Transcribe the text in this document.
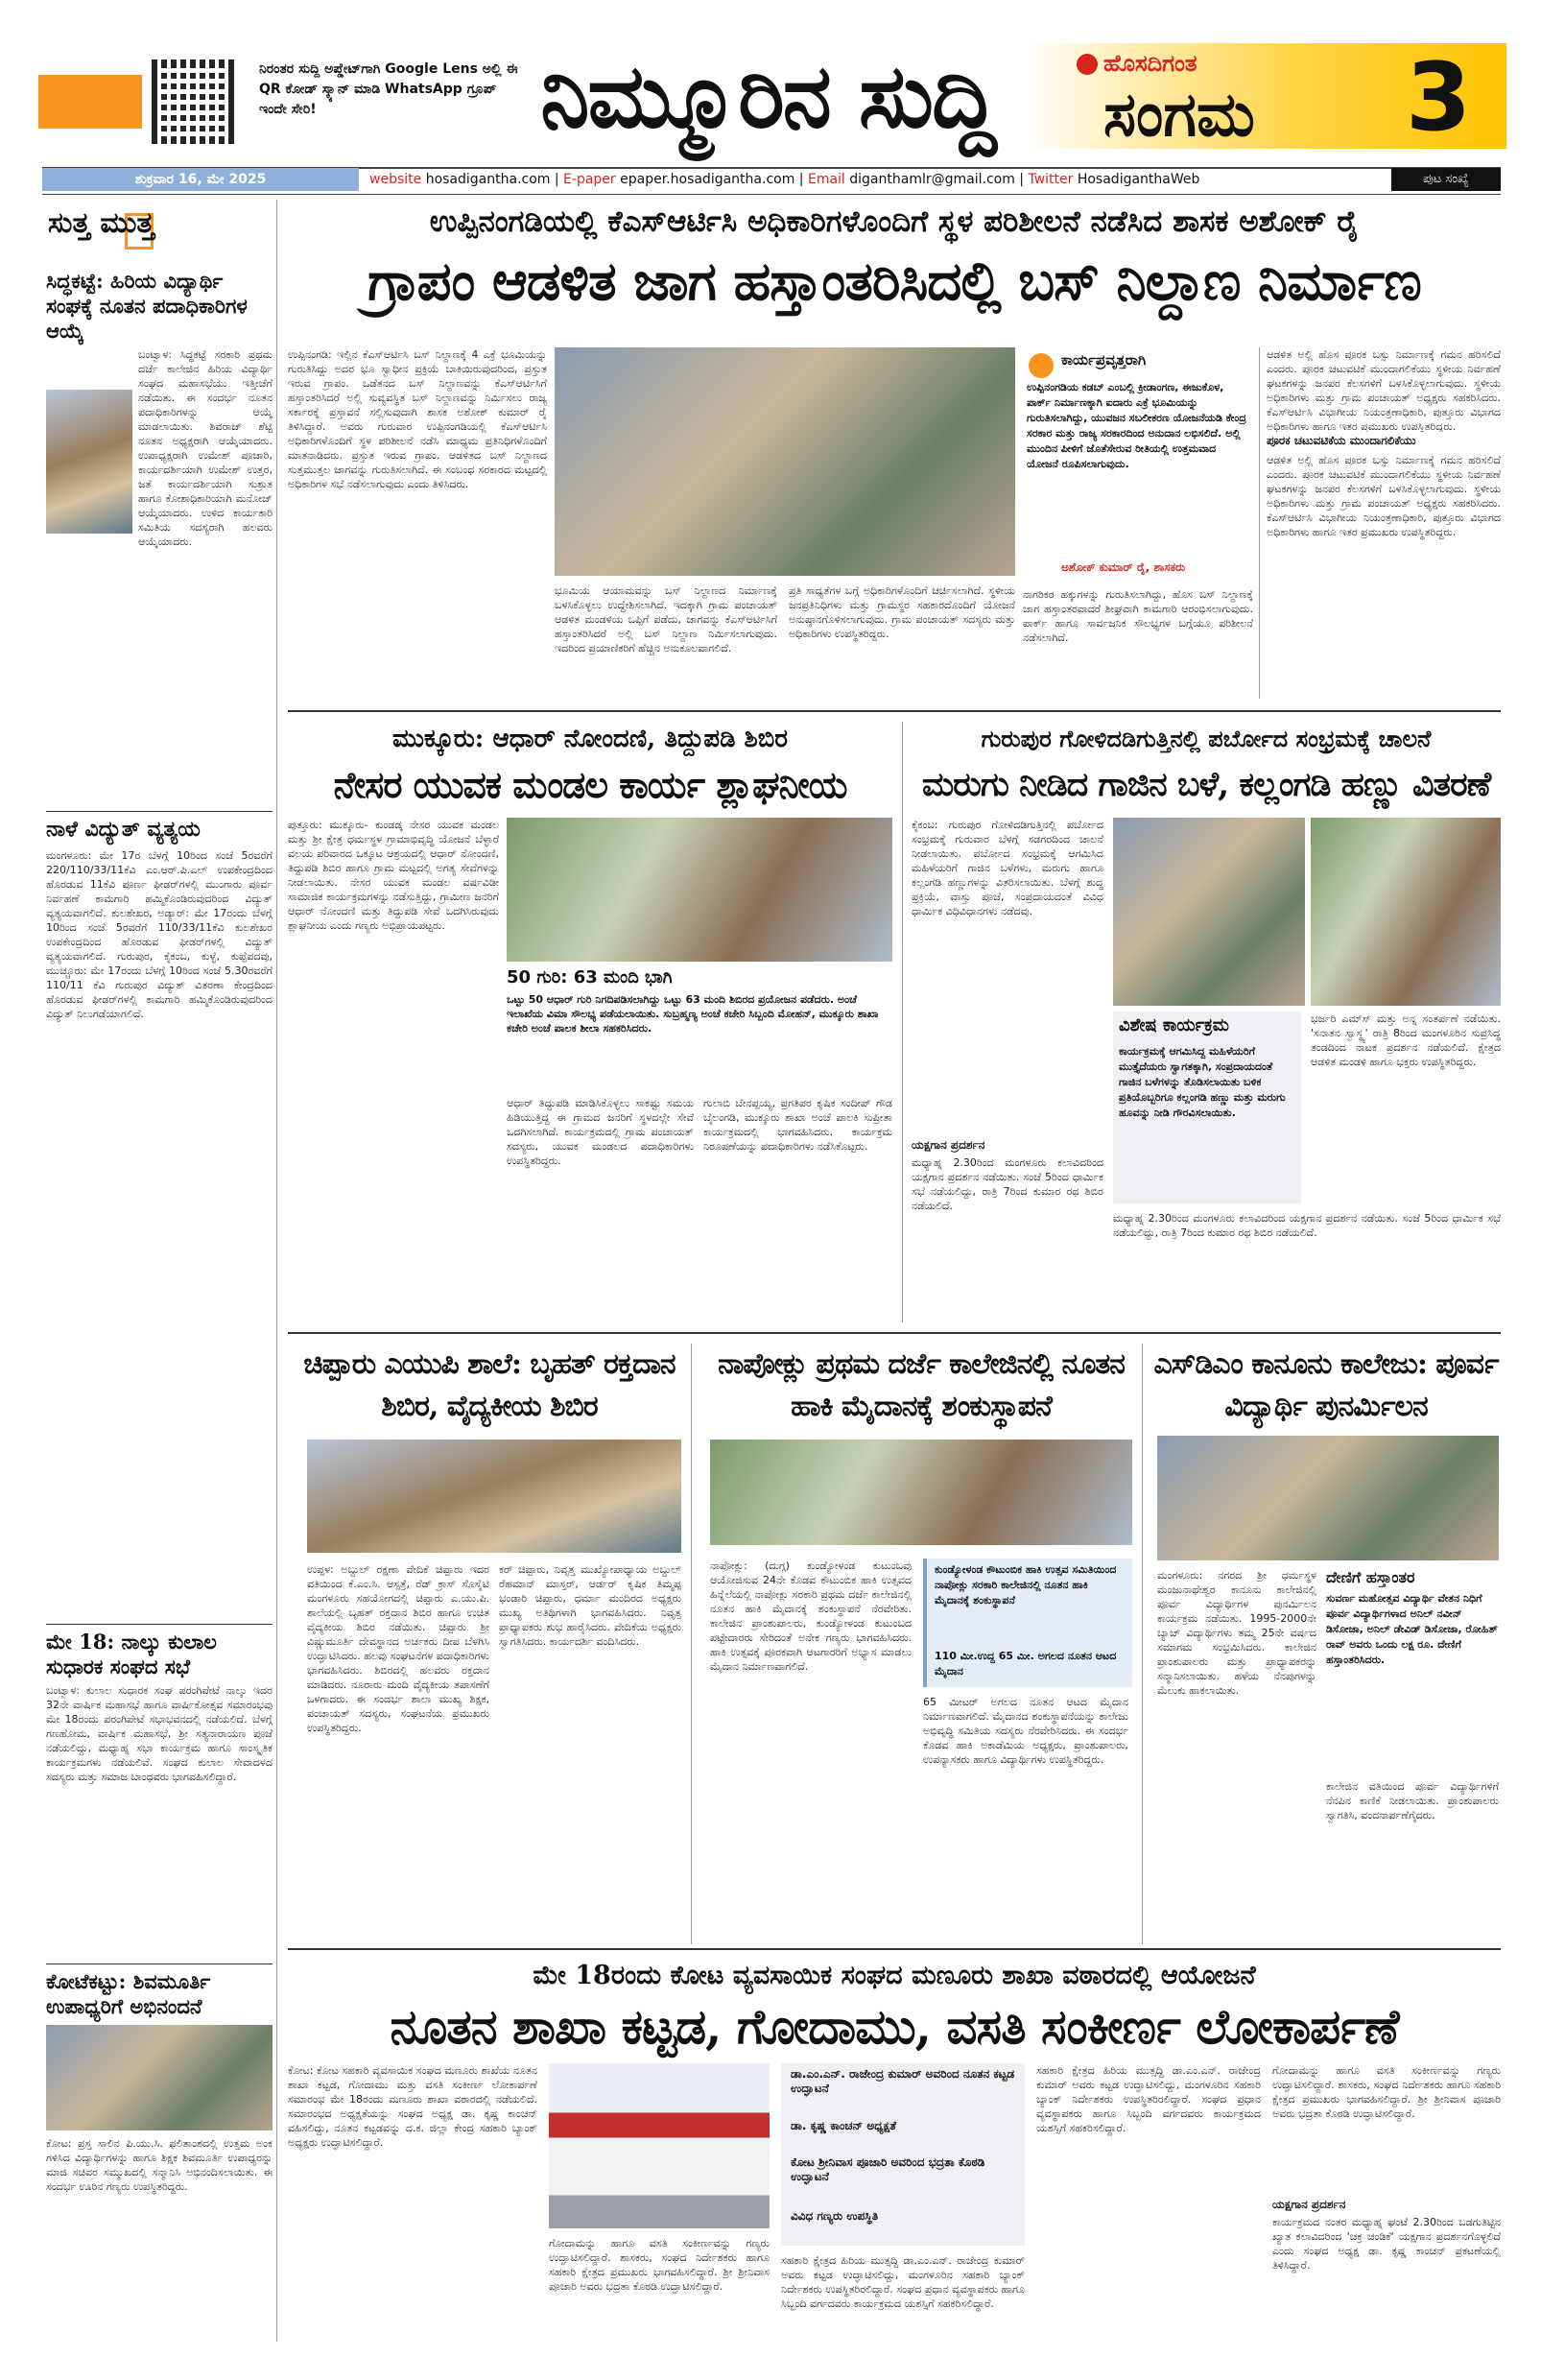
ನಿರಂತರ ಸುದ್ದಿ ಅಪ್ಡೇಟ್‌ಗಾಗಿ Google Lens ಅಲ್ಲಿ ಈ QR ಕೋಡ್ ಸ್ಕ್ಯಾನ್ ಮಾಡಿ WhatsApp ಗ್ರೂಪ್ ಇಂದೇ ಸೇರಿ!	ನಿಮ್ಮೂರಿನ ಸುದ್ದಿ	ಹೊಸದಿಗಂತ
ಸಂಗಮ 3
ಶುಕ್ರವಾರ 16, ಮೇ 2025	website hosadigantha.com | E-paper epaper.hosadigantha.com | Email diganthamlr@gmail.com | Twitter HosadiganthaWeb	ಪುಟ ಸಂಖ್ಯೆ
ಸುತ್ತ ಮುತ್ತ
ಸಿದ್ಧಕಟ್ಟೆ: ಹಿರಿಯ ವಿದ್ಯಾರ್ಥಿ ಸಂಘಕ್ಕೆ ನೂತನ ಪದಾಧಿಕಾರಿಗಳ ಆಯ್ಕೆ
ಬಂಟ್ವಾಳ: ಸಿದ್ಧಕಟ್ಟೆ ಸರಕಾರಿ ಪ್ರಥಮ ದರ್ಜೆ ಕಾಲೇಜಿನ ಹಿರಿಯ ವಿದ್ಯಾರ್ಥಿ ಸಂಘದ ಮಹಾಸಭೆಯು ಇತ್ತೀಚೆಗೆ ನಡೆಯಿತು. ಈ ಸಂದರ್ಭ ನೂತನ ಪದಾಧಿಕಾರಿಗಳನ್ನು ಆಯ್ಕೆ ಮಾಡಲಾಯಿತು. ಶಿವರಾಜ್ ಶೆಟ್ಟಿ ನೂತನ ಅಧ್ಯಕ್ಷರಾಗಿ ಆಯ್ಕೆಯಾದರು. ಉಪಾಧ್ಯಕ್ಷರಾಗಿ ಉಮೇಶ್ ಪೂಜಾರಿ, ಕಾರ್ಯದರ್ಶಿಯಾಗಿ ಉಮೇಶ್ ಉತ್ತರ, ಜತೆ ಕಾರ್ಯದರ್ಶಿಯಾಗಿ ಸುಶ್ರುತ ಹಾಗೂ ಕೋಶಾಧಿಕಾರಿಯಾಗಿ ಮನೋಜ್ ಆಯ್ಕೆಯಾದರು. ಉಳಿದ ಕಾರ್ಯಕಾರಿ ಸಮಿತಿಯ ಸದಸ್ಯರಾಗಿ ಹಲವರು ಆಯ್ಕೆಯಾದರು.
ನಾಳೆ ವಿದ್ಯುತ್ ವ್ಯತ್ಯಯ
ಮಂಗಳೂರು: ಮೇ 17ರ ಬೆಳಗ್ಗೆ 10ರಿಂದ ಸಂಜೆ 5ರವರೆಗೆ 220/110/33/11ಕೆವಿ ಎಂ.ಆರ್.ಪಿ.ಎಲ್ ಉಪಕೇಂದ್ರದಿಂದ ಹೊರಡುವ 11ಕೆವಿ ಪೂರ್ಣ ಫೀಡರ್‌ಗಳಲ್ಲಿ ಮುಂಗಾರು ಪೂರ್ವ ನಿರ್ವಹಣೆ ಕಾಮಗಾರಿ ಹಮ್ಮಿಕೊಂಡಿರುವುದರಿಂದ ವಿದ್ಯುತ್ ವ್ಯತ್ಯಯವಾಗಲಿದೆ. ಕುಲಶೇಖರ, ಅಡ್ಯಾರ್: ಮೇ 17ರಂದು ಬೆಳಗ್ಗೆ 10ರಿಂದ ಸಂಜೆ 5ರವರೆಗೆ 110/33/11ಕೆವಿ ಕುಲಶೇಖರ ಉಪಕೇಂದ್ರದಿಂದ ಹೊರಡುವ ಫೀಡರ್‌ಗಳಲ್ಲಿ ವಿದ್ಯುತ್ ವ್ಯತ್ಯಯವಾಗಲಿದೆ. ಗುರುಪುರ, ಕೈಕಂಬ, ಕುಳ್ಳೆ, ಕುಪ್ಪೆಪದವು, ಮುಚ್ಚೂರು: ಮೇ 17ರಂದು ಬೆಳಗ್ಗೆ 10ರಿಂದ ಸಂಜೆ 5.30ರವರೆಗೆ 110/11 ಕೆವಿ ಗುರುಪುರ ವಿದ್ಯುತ್ ವಿತರಣಾ ಕೇಂದ್ರದಿಂದ ಹೊರಡುವ ಫೀಡರ್‌ಗಳಲ್ಲಿ ಕಾಮಗಾರಿ ಹಮ್ಮಿಕೊಂಡಿರುವುದರಿಂದ ವಿದ್ಯುತ್ ನಿಲುಗಡೆಯಾಗಲಿದೆ.
ಮೇ 18: ನಾಲ್ಕು ಕುಲಾಲ ಸುಧಾರಕ ಸಂಘದ ಸಭೆ
ಬಂಟ್ವಾಳ: ಕುಲಾಲ ಸುಧಾರಕ ಸಂಘ ಪರಂಗಿಪೇಟೆ ನಾಲ್ಕು ಇದರ 32ನೇ ವಾರ್ಷಿಕ ಮಹಾಸಭೆ ಹಾಗೂ ವಾರ್ಷಿಕೋತ್ಸವ ಸಮಾರಂಭವು ಮೇ 18ರಂದು ಪರಂಗಿಪೇಟೆ ಸಭಾಭವನದಲ್ಲಿ ನಡೆಯಲಿದೆ. ಬೆಳಗ್ಗೆ ಗಣಹೋಮ, ವಾರ್ಷಿಕ ಮಹಾಸಭೆ, ಶ್ರೀ ಸತ್ಯನಾರಾಯಣ ಪೂಜೆ ನಡೆಯಲಿದ್ದು, ಮಧ್ಯಾಹ್ನ ಸಭಾ ಕಾರ್ಯಕ್ರಮ ಹಾಗೂ ಸಾಂಸ್ಕೃತಿಕ ಕಾರ್ಯಕ್ರಮಗಳು ನಡೆಯಲಿವೆ. ಸಂಘದ ಕುಲಾಲ ಸೇವಾದಳದ ಸದಸ್ಯರು ಮತ್ತು ಸಮಾಜ ಬಾಂಧವರು ಭಾಗವಹಿಸಲಿದ್ದಾರೆ.
ಕೋಟೆಕಟ್ಟು: ಶಿವಮೂರ್ತಿ ಉಪಾಧ್ಯರಿಗೆ ಅಭಿನಂದನೆ
ಕೋಟ: ಪ್ರಸ್ತ ಸಾಲಿನ ಪಿ.ಯು.ಸಿ. ಫಲಿತಾಂಶದಲ್ಲಿ ಉತ್ತಮ ಅಂಕ ಗಳಿಸಿದ ವಿದ್ಯಾರ್ಥಿಗಳನ್ನು ಹಾಗೂ ಶಿಕ್ಷಕ ಶಿವಮೂರ್ತಿ ಉಪಾಧ್ಯರನ್ನು ಮಾಜಿ ಸಚಿವರ ಸಮ್ಮುಖದಲ್ಲಿ ಸನ್ಮಾನಿಸಿ ಅಭಿನಂದಿಸಲಾಯಿತು. ಈ ಸಂದರ್ಭ ಊರಿನ ಗಣ್ಯರು ಉಪಸ್ಥಿತರಿದ್ದರು.
ಉಪ್ಪಿನಂಗಡಿಯಲ್ಲಿ ಕೆಎಸ್ಆರ್ಟಿಸಿ ಅಧಿಕಾರಿಗಳೊಂದಿಗೆ ಸ್ಥಳ ಪರಿಶೀಲನೆ ನಡೆಸಿದ ಶಾಸಕ ಅಶೋಕ್ ರೈ
ಗ್ರಾಪಂ ಆಡಳಿತ ಜಾಗ ಹಸ್ತಾಂತರಿಸಿದಲ್ಲಿ ಬಸ್ ನಿಲ್ದಾಣ ನಿರ್ಮಾಣ
ಉಪ್ಪಿನಂಗಡಿ: ಇಲ್ಲಿನ ಕೆಎಸ್ಆರ್ಟಿಸಿ ಬಸ್ ನಿಲ್ದಾಣಕ್ಕೆ 4 ಎಕ್ರೆ ಭೂಮಿಯನ್ನು ಗುರುತಿಸಿದ್ದು ಅದರ ಭೂ ಸ್ವಾಧೀನ ಪ್ರಕ್ರಿಯೆ ಬಾಕಿಯಿರುವುದರಿಂದ, ಪ್ರಸ್ತುತ ಇರುವ ಗ್ರಾಪಂ. ಒಡೆತನದ ಬಸ್ ನಿಲ್ದಾಣವನ್ನು ಕೆಎಸ್ಆರ್ಟಿಸಿಗೆ ಹಸ್ತಾಂತರಿಸಿದರೆ ಅಲ್ಲಿ ಸುವ್ಯವಸ್ಥಿತ ಬಸ್ ನಿಲ್ದಾಣವನ್ನು ನಿರ್ಮಿಸಲು ರಾಜ್ಯ ಸರ್ಕಾರಕ್ಕೆ ಪ್ರಸ್ತಾವನೆ ಸಲ್ಲಿಸುವುದಾಗಿ ಶಾಸಕ ಅಶೋಕ್ ಕುಮಾರ್ ರೈ ತಿಳಿಸಿದ್ದಾರೆ. ಅವರು ಗುರುವಾರ ಉಪ್ಪಿನಂಗಡಿಯಲ್ಲಿ ಕೆಎಸ್ಆರ್ಟಿಸಿ ಅಧಿಕಾರಿಗಳೊಂದಿಗೆ ಸ್ಥಳ ಪರಿಶೀಲನೆ ನಡೆಸಿ ಮಾಧ್ಯಮ ಪ್ರತಿನಿಧಿಗಳೊಂದಿಗೆ ಮಾತನಾಡಿದರು. ಪ್ರಸ್ತುತ ಇರುವ ಗ್ರಾಪಂ. ಆಡಳಿತದ ಬಸ್ ನಿಲ್ದಾಣದ ಸುತ್ತಮುತ್ತಲ ಜಾಗವನ್ನು ಗುರುತಿಸಲಾಗಿದೆ. ಈ ಸಂಬಂಧ ಸರಕಾರದ ಮಟ್ಟದಲ್ಲಿ ಅಧಿಕಾರಿಗಳ ಸಭೆ ನಡೆಸಲಾಗುವುದು ಎಂದು ತಿಳಿಸಿದರು.
ಭೂಮಿಯ ಆಯಾಮವನ್ನು ಬಸ್ ನಿಲ್ದಾಣದ ನಿರ್ಮಾಣಕ್ಕೆ ಬಳಸಿಕೊಳ್ಳಲು ಉದ್ದೇಶಿಸಲಾಗಿದೆ. ಇದಕ್ಕಾಗಿ ಗ್ರಾಮ ಪಂಚಾಯತ್ ಆಡಳಿತ ಮಂಡಳಿಯ ಒಪ್ಪಿಗೆ ಪಡೆದು, ಜಾಗವನ್ನು ಕೆಎಸ್ಆರ್ಟಿಸಿಗೆ ಹಸ್ತಾಂತರಿಸಿದರೆ ಅಲ್ಲಿ ಬಸ್ ನಿಲ್ದಾಣ ನಿರ್ಮಿಸಲಾಗುವುದು. ಇದರಿಂದ ಪ್ರಯಾಣಿಕರಿಗೆ ಹೆಚ್ಚಿನ ಅನುಕೂಲವಾಗಲಿದೆ.
ಪ್ರತಿ ಸಾಧ್ಯತೆಗಳ ಬಗ್ಗೆ ಅಧಿಕಾರಿಗಳೊಂದಿಗೆ ಚರ್ಚಿಸಲಾಗಿದೆ. ಸ್ಥಳೀಯ ಜನಪ್ರತಿನಿಧಿಗಳು ಮತ್ತು ಗ್ರಾಮಸ್ಥರ ಸಹಕಾರದೊಂದಿಗೆ ಯೋಜನೆ ಅನುಷ್ಠಾನಗೊಳಿಸಲಾಗುವುದು. ಗ್ರಾಮ ಪಂಚಾಯತ್ ಸದಸ್ಯರು ಮತ್ತು ಅಧಿಕಾರಿಗಳು ಉಪಸ್ಥಿತರಿದ್ದರು.
ಕಾರ್ಯಪ್ರವೃತ್ತರಾಗಿ
ಉಪ್ಪಿನಂಗಡಿಯ ಕಡಬ್ ಎಂಬಲ್ಲಿ ಕ್ರೀಡಾಂಗಣ, ಈಜುಕೊಳ, ಪಾರ್ಕ್ ನಿರ್ಮಾಣಕ್ಕಾಗಿ ಐದಾರು ಎಕ್ರೆ ಭೂಮಿಯನ್ನು ಗುರುತಿಸಲಾಗಿದ್ದು, ಯುವಜನ ಸಬಲೀಕರಣ ಯೋಜನೆಯಡಿ ಕೇಂದ್ರ ಸರಕಾರ ಮತ್ತು ರಾಜ್ಯ ಸರಕಾರದಿಂದ ಅನುದಾನ ಲಭಿಸಲಿದೆ. ಅಲ್ಲಿ ಮುಂದಿನ ಪೀಳಿಗೆ ಜೊತೆಸೇರುವ ರೀತಿಯಲ್ಲಿ ಉತ್ತಮವಾದ ಯೋಜನೆ ರೂಪಿಸಲಾಗುವುದು.
ಅಶೋಕ್ ಕುಮಾರ್ ರೈ, ಶಾಸಕರು
ನಾಗರಿಕರ ಹಕ್ಕುಗಳನ್ನು ಗುರುತಿಸಲಾಗಿದ್ದು, ಹೊಸ ಬಸ್ ನಿಲ್ದಾಣಕ್ಕೆ ಜಾಗ ಹಸ್ತಾಂತರವಾದರೆ ಶೀಘ್ರವಾಗಿ ಕಾಮಗಾರಿ ಆರಂಭಿಸಲಾಗುವುದು. ಪಾರ್ಕ್ ಹಾಗೂ ಸಾರ್ವಜನಿಕ ಸೌಲಭ್ಯಗಳ ಬಗ್ಗೆಯೂ ಪರಿಶೀಲನೆ ನಡೆಸಲಾಗಿದೆ.
ಪೂರಕ ಚಟುವಟಿಕೆಯ ಮುಂದಾಗಲಿಕೆಯು
ಆಡಳಿತ ಅಲ್ಲಿ ಹೊಸ ಪೂರಕ ಬಸ್ಸು ನಿರ್ಮಾಣಕ್ಕೆ ಗಮನ ಹರಿಸಲಿದೆ ಎಂದರು. ಪೂರಕ ಚಟುವಟಿಕೆ ಮುಂದಾಗಲಿಕೆಯು ಸ್ಥಳೀಯ ನಿರ್ವಹಣೆ ಘಟಕಗಳನ್ನು ಜನಪರ ಕೆಲಸಗಳಿಗೆ ಬಳಸಿಕೊಳ್ಳಲಾಗುವುದು. ಸ್ಥಳೀಯ ಅಧಿಕಾರಿಗಳು ಮತ್ತು ಗ್ರಾಮ ಪಂಚಾಯತ್ ಅಧ್ಯಕ್ಷರು ಸಹಕರಿಸಿದರು. ಕೆಎಸ್ಆರ್ಟಿಸಿ ವಿಭಾಗೀಯ ನಿಯಂತ್ರಣಾಧಿಕಾರಿ, ಪುತ್ತೂರು ವಿಭಾಗದ ಅಧಿಕಾರಿಗಳು ಹಾಗೂ ಇತರ ಪ್ರಮುಖರು ಉಪಸ್ಥಿತರಿದ್ದರು.
ಆಡಳಿತ ಅಲ್ಲಿ ಹೊಸ ಪೂರಕ ಬಸ್ಸು ನಿರ್ಮಾಣಕ್ಕೆ ಗಮನ ಹರಿಸಲಿದೆ ಎಂದರು. ಪೂರಕ ಚಟುವಟಿಕೆ ಮುಂದಾಗಲಿಕೆಯು ಸ್ಥಳೀಯ ನಿರ್ವಹಣೆ ಘಟಕಗಳನ್ನು ಜನಪರ ಕೆಲಸಗಳಿಗೆ ಬಳಸಿಕೊಳ್ಳಲಾಗುವುದು. ಸ್ಥಳೀಯ ಅಧಿಕಾರಿಗಳು ಮತ್ತು ಗ್ರಾಮ ಪಂಚಾಯತ್ ಅಧ್ಯಕ್ಷರು ಸಹಕರಿಸಿದರು. ಕೆಎಸ್ಆರ್ಟಿಸಿ ವಿಭಾಗೀಯ ನಿಯಂತ್ರಣಾಧಿಕಾರಿ, ಪುತ್ತೂರು ವಿಭಾಗದ ಅಧಿಕಾರಿಗಳು ಹಾಗೂ ಇತರ ಪ್ರಮುಖರು ಉಪಸ್ಥಿತರಿದ್ದರು.
ಮುಕ್ಕೂರು: ಆಧಾರ್ ನೋಂದಣಿ, ತಿದ್ದುಪಡಿ ಶಿಬಿರ
ನೇಸರ ಯುವಕ ಮಂಡಲ ಕಾರ್ಯ ಶ್ಲಾಘನೀಯ
ಪುತ್ತೂರು: ಮುಕ್ಕೂರು- ಕುಂಡಡ್ಕ ನೇಸರ ಯುವಕ ಮಂಡಲ ಮತ್ತು ಶ್ರೀ ಕ್ಷೇತ್ರ ಧರ್ಮಸ್ಥಳ ಗ್ರಾಮಾಭಿವೃದ್ಧಿ ಯೋಜನೆ ಬೆಳ್ಳಾರೆ ವಲಯ ಪರಿವಾರದ ಒಕ್ಕೂಟ ಆಶ್ರಯದಲ್ಲಿ ಆಧಾರ್ ನೋಂದಣಿ, ತಿದ್ದುಪಡಿ ಶಿಬಿರ ಹಾಗೂ ಗ್ರಾಮ ಮಟ್ಟದಲ್ಲಿ ಅಗತ್ಯ ಸೇವೆಗಳನ್ನು ನೀಡಲಾಯಿತು. ನೇಸರ ಯುವಕ ಮಂಡಲ ವರ್ಷವಿಡೀ ಸಾಮಾಜಿಕ ಕಾರ್ಯಕ್ರಮಗಳನ್ನು ನಡೆಸುತ್ತಿದ್ದು, ಗ್ರಾಮೀಣ ಜನರಿಗೆ ಆಧಾರ್ ನೋಂದಣಿ ಮತ್ತು ತಿದ್ದುಪಡಿ ಸೇವೆ ಒದಗಿಸಿರುವುದು ಶ್ಲಾಘನೀಯ ಎಂದು ಗಣ್ಯರು ಅಭಿಪ್ರಾಯಪಟ್ಟರು.
50 ಗುರಿ: 63 ಮಂದಿ ಭಾಗಿ
ಒಟ್ಟು 50 ಆಧಾರ್ ಗುರಿ ನಿಗದಿಪಡಿಸಲಾಗಿದ್ದು ಒಟ್ಟು 63 ಮಂದಿ ಶಿಬಿರದ ಪ್ರಯೋಜನ ಪಡೆದರು. ಅಂಚೆ ಇಲಾಖೆಯ ವಿಮಾ ಸೌಲಭ್ಯ ಪಡೆಯಲಾಯಿತು. ಸುಬ್ರಹ್ಮಣ್ಯ ಅಂಚೆ ಕಚೇರಿ ಸಿಬ್ಬಂದಿ ಮೋಹನ್, ಮುಕ್ಕೂರು ಶಾಖಾ ಕಚೇರಿ ಅಂಚೆ ಪಾಲಕ ಶೀಲಾ ಸಹಕರಿಸಿದರು.
ಆಧಾರ್ ತಿದ್ದುಪಡಿ ಮಾಡಿಸಿಕೊಳ್ಳಲು ಸಾಕಷ್ಟು ಸಮಯ ಹಿಡಿಯುತ್ತಿದ್ದ ಈ ಗ್ರಾಮದ ಜನರಿಗೆ ಸ್ಥಳದಲ್ಲೇ ಸೇವೆ ಒದಗಿಸಲಾಗಿದೆ. ಕಾರ್ಯಕ್ರಮದಲ್ಲಿ ಗ್ರಾಮ ಪಂಚಾಯತ್ ಸದಸ್ಯರು, ಯುವಕ ಮಂಡಲದ ಪದಾಧಿಕಾರಿಗಳು ಉಪಸ್ಥಿತರಿದ್ದರು.
ಗುಲಾಬಿ ಬೇನಪ್ಪಯ್ಯ, ಪ್ರಗತಿಪರ ಕೃಷಿಕ ಸಂದೀಪ್ ಗೌಡ ಬೈಲಂಗಡಿ, ಮುಕ್ಕೂರು ಶಾಖಾ ಅಂಚೆ ಪಾಲಕಿ ಸುಪ್ರೀತಾ ಕಾರ್ಯಕ್ರಮದಲ್ಲಿ ಭಾಗವಹಿಸಿದರು. ಕಾರ್ಯಕ್ರಮ ನಿರೂಪಣೆಯನ್ನು ಪದಾಧಿಕಾರಿಗಳು ನಡೆಸಿಕೊಟ್ಟರು.
ಗುರುಪುರ ಗೋಳಿದಡಿಗುತ್ತಿನಲ್ಲಿ ಪರ್ಬೋದ ಸಂಭ್ರಮಕ್ಕೆ ಚಾಲನೆ
ಮರುಗು ನೀಡಿದ ಗಾಜಿನ ಬಳೆ, ಕಲ್ಲಂಗಡಿ ಹಣ್ಣು ವಿತರಣೆ
ಕೈಕಂಬ: ಗುರುಪುರ ಗೋಳಿದಡಿಗುತ್ತಿನಲ್ಲಿ ಪರ್ಬೋದ ಸಂಭ್ರಮಕ್ಕೆ ಗುರುವಾರ ಬೆಳಗ್ಗೆ ಸಡಗರದಿಂದ ಚಾಲನೆ ನೀಡಲಾಯಿತು. ಪರ್ಬೋದ ಸಂಭ್ರಮಕ್ಕೆ ಆಗಮಿಸಿದ ಮಹಿಳೆಯರಿಗೆ ಗಾಜಿನ ಬಳೆಗಳು, ಮರುಗು ಹಾಗೂ ಕಲ್ಲಂಗಡಿ ಹಣ್ಣುಗಳನ್ನು ವಿತರಿಸಲಾಯಿತು. ಬೆಳಗ್ಗೆ ಶುದ್ಧ ಪ್ರಕ್ರಿಯೆ, ವಾಸ್ತು ಪೂಜೆ, ಸಂಪ್ರದಾಯದಂತೆ ವಿವಿಧ ಧಾರ್ಮಿಕ ವಿಧಿವಿಧಾನಗಳು ನಡೆದವು.
ವಿಶೇಷ ಕಾರ್ಯಕ್ರಮ
ಕಾರ್ಯಕ್ರಮಕ್ಕೆ ಆಗಮಿಸಿದ್ದ ಮಹಿಳೆಯರಿಗೆ ಮುತ್ತೈದೆಯರು ಸ್ವಾಗತಕ್ಕಾಗಿ, ಸಂಪ್ರದಾಯದಂತೆ ಗಾಜಿನ ಬಳೆಗಳನ್ನು ತೊಡಿಸಲಾಯಿತು ಬಳಿಕ ಪ್ರತಿಯೊಬ್ಬರಿಗೂ ಕಲ್ಲಂಗಡಿ ಹಣ್ಣು ಮತ್ತು ಮರುಗು ಹೂವನ್ನು ನೀಡಿ ಗೌರವಿಸಲಾಯಿತು.
ಭರ್ಜರಿ ಎಮ್‌ಸ್ ಮತ್ತು ಅನ್ನ ಸಂತರ್ಪಣೆ ನಡೆಯಿತು. 'ಸನಾತನ ಸ್ವಾಸ್ಥ್ಯ' ರಾತ್ರಿ 8ರಿಂದ ಮಂಗಳೂರಿನ ಸುಪ್ರಸಿದ್ಧ ತಂಡದಿಂದ ನಾಟಕ ಪ್ರದರ್ಶನ ನಡೆಯಲಿದೆ. ಕ್ಷೇತ್ರದ ಆಡಳಿತ ಮಂಡಳಿ ಹಾಗೂ ಭಕ್ತರು ಉಪಸ್ಥಿತರಿದ್ದರು.
ಯಕ್ಷಗಾನ ಪ್ರದರ್ಶನ
ಮಧ್ಯಾಹ್ನ 2.30ರಿಂದ ಮಂಗಳೂರು ಕಲಾವಿದರಿಂದ ಯಕ್ಷಗಾನ ಪ್ರದರ್ಶನ ನಡೆಯಿತು. ಸಂಜೆ 5ರಿಂದ ಧಾರ್ಮಿಕ ಸಭೆ ನಡೆಯಲಿದ್ದು, ರಾತ್ರಿ 7ರಿಂದ ಕುಮಾರ ರಥ ಶಿಬಿರ ನಡೆಯಲಿದೆ.
ಮಧ್ಯಾಹ್ನ 2.30ರಿಂದ ಮಂಗಳೂರು ಕಲಾವಿದರಿಂದ ಯಕ್ಷಗಾನ ಪ್ರದರ್ಶನ ನಡೆಯಿತು. ಸಂಜೆ 5ರಿಂದ ಧಾರ್ಮಿಕ ಸಭೆ ನಡೆಯಲಿದ್ದು, ರಾತ್ರಿ 7ರಿಂದ ಕುಮಾರ ರಥ ಶಿಬಿರ ನಡೆಯಲಿದೆ.
ಚಿಪ್ಪಾರು ಎಯುಪಿ ಶಾಲೆ: ಬೃಹತ್ ರಕ್ತದಾನ ಶಿಬಿರ, ವೈದ್ಯಕೀಯ ಶಿಬಿರ
ಉಪ್ಪಳ: ಅಬ್ದುಲ್ ರಕ್ಷಣಾ ವೇದಿಕೆ ಚಿಪ್ಪಾರು ಇದರ ವತಿಯಿಂದ ಕೆ.ಎಂ.ಸಿ. ಆಸ್ಪತ್ರೆ, ರೆಡ್ ಕ್ರಾಸ್ ಸೊಸೈಟಿ ಮಂಗಳೂರು ಸಹಯೋಗದಲ್ಲಿ ಚಿಪ್ಪಾರು ಎ.ಯು.ಪಿ. ಶಾಲೆಯಲ್ಲಿ ಬೃಹತ್ ರಕ್ತದಾನ ಶಿಬಿರ ಹಾಗೂ ಉಚಿತ ವೈದ್ಯಕೀಯ ಶಿಬಿರ ನಡೆಯಿತು. ಚಿಪ್ಪಾರು ಶ್ರೀ ವಿಷ್ಣುಮೂರ್ತಿ ದೇವಸ್ಥಾನದ ಅರ್ಚಕರು ದೀಪ ಬೆಳಗಿಸಿ ಉದ್ಘಾಟಿಸಿದರು. ಹಲವು ಸಂಘಟನೆಗಳ ಪದಾಧಿಕಾರಿಗಳು ಭಾಗವಹಿಸಿದರು. ಶಿಬಿರದಲ್ಲಿ ಹಲವರು ರಕ್ತದಾನ ಮಾಡಿದರು. ನೂರಾರು ಮಂದಿ ವೈದ್ಯಕೀಯ ತಪಾಸಣೆಗೆ ಒಳಗಾದರು. ಈ ಸಂದರ್ಭ ಶಾಲಾ ಮುಖ್ಯ ಶಿಕ್ಷಕ, ಪಂಚಾಯತ್ ಸದಸ್ಯರು, ಸಂಘಟನೆಯ ಪ್ರಮುಖರು ಉಪಸ್ಥಿತರಿದ್ದರು.
ಕರ್ ಚಿಪ್ಪಾರು, ನಿವೃತ್ತ ಮುಖ್ಯೋಪಾಧ್ಯಾಯ ಅಬ್ದುಲ್ ರೆಹಮಾನ್ ಮಾಸ್ತರ್, ಆರ್ಡರ್ ಕೃಷಿಕ ತಿಮ್ಮಪ್ಪ ಭಂಡಾರಿ ಚಿಪ್ಪಾರು, ಧರ್ಮಾ ಮಂದಿರದ ಅಧ್ಯಕ್ಷರು ಮುಖ್ಯ ಅತಿಥಿಗಳಾಗಿ ಭಾಗವಹಿಸಿದರು. ನಿವೃತ್ತ ಪ್ರಾಧ್ಯಾಪಕರು ಶುಭ ಹಾರೈಸಿದರು. ವೇದಿಕೆಯ ಅಧ್ಯಕ್ಷರು ಸ್ವಾಗತಿಸಿದರು. ಕಾರ್ಯದರ್ಶಿ ವಂದಿಸಿದರು.
ನಾಪೋಕ್ಲು ಪ್ರಥಮ ದರ್ಜೆ ಕಾಲೇಜಿನಲ್ಲಿ ನೂತನ ಹಾಕಿ ಮೈದಾನಕ್ಕೆ ಶಂಕುಸ್ಥಾಪನೆ
ನಾಪೋಕ್ಲು: (ದುಗ್ಗ) ಕುಂಡ್ಯೋಳಂಡ ಕುಟುಂಬವು ಆಯೋಜಿಸುವ 24ನೇ ಕೊಡವ ಕೌಟುಂಬಿಕ ಹಾಕಿ ಉತ್ಸವದ ಹಿನ್ನೆಲೆಯಲ್ಲಿ ನಾಪೋಕ್ಲು ಸರಕಾರಿ ಪ್ರಥಮ ದರ್ಜೆ ಕಾಲೇಜಿನಲ್ಲಿ ನೂತನ ಹಾಕಿ ಮೈದಾನಕ್ಕೆ ಶಂಕುಸ್ಥಾಪನೆ ನೆರವೇರಿತು. ಕಾಲೇಜಿನ ಪ್ರಾಂಶುಪಾಲರು, ಕುಂಡ್ಯೋಳಂಡ ಕುಟುಂಬದ ಪಟ್ಟೇದಾರರು ಸೇರಿದಂತೆ ಅನೇಕ ಗಣ್ಯರು ಭಾಗವಹಿಸಿದರು. ಹಾಕಿ ಉತ್ಸವಕ್ಕೆ ಪೂರಕವಾಗಿ ಆಟಗಾರರಿಗೆ ಅಭ್ಯಾಸ ಮಾಡಲು ಮೈದಾನ ನಿರ್ಮಾಣವಾಗಲಿದೆ.
ಕುಂಡ್ಯೋಳಂಡ ಕೌಟುಂಬಿಕ ಹಾಕಿ ಉತ್ಸವ ಸಮಿತಿಯಿಂದ ನಾಪೋಕ್ಲು ಸರಕಾರಿ ಕಾಲೇಜಿನಲ್ಲಿ ನೂತನ ಹಾಕಿ ಮೈದಾನಕ್ಕೆ ಶಂಕುಸ್ಥಾಪನೆ
110 ಮೀ.ಉದ್ದ 65 ಮೀ. ಅಗಲದ ನೂತನ ಆಟದ ಮೈದಾನ
65 ಮೀಟರ್ ಅಗಲದ ನೂತನ ಆಟದ ಮೈದಾನ ನಿರ್ಮಾಣವಾಗಲಿದೆ. ಮೈದಾನದ ಶಂಕುಸ್ಥಾಪನೆಯನ್ನು ಕಾಲೇಜು ಅಭಿವೃದ್ಧಿ ಸಮಿತಿಯ ಸದಸ್ಯರು ನೆರವೇರಿಸಿದರು. ಈ ಸಂದರ್ಭ ಕೊಡವ ಹಾಕಿ ಅಕಾಡೆಮಿಯ ಅಧ್ಯಕ್ಷರು, ಪ್ರಾಂಶುಪಾಲರು, ಉಪನ್ಯಾಸಕರು ಹಾಗೂ ವಿದ್ಯಾರ್ಥಿಗಳು ಉಪಸ್ಥಿತರಿದ್ದರು.
ಎಸ್‌ಡಿಎಂ ಕಾನೂನು ಕಾಲೇಜು: ಪೂರ್ವ ವಿದ್ಯಾರ್ಥಿ ಪುನರ್ಮಿಲನ
ಮಂಗಳೂರು: ನಗರದ ಶ್ರೀ ಧರ್ಮಸ್ಥಳ ಮಂಜುನಾಥೇಶ್ವರ ಕಾನೂನು ಕಾಲೇಜಿನಲ್ಲಿ ಪೂರ್ವ ವಿದ್ಯಾರ್ಥಿಗಳ ಪುನರ್ಮಿಲನ ಕಾರ್ಯಕ್ರಮ ನಡೆಯಿತು. 1995-2000ನೇ ಬ್ಯಾಚ್ ವಿದ್ಯಾರ್ಥಿಗಳು ತಮ್ಮ 25ನೇ ವರ್ಷದ ಸಮಾಗಮ ಸಂಭ್ರಮಿಸಿದರು. ಕಾಲೇಜಿನ ಪ್ರಾಂಶುಪಾಲರು ಮತ್ತು ಪ್ರಾಧ್ಯಾಪಕರನ್ನು ಸನ್ಮಾನಿಸಲಾಯಿತು. ಹಳೆಯ ನೆನಪುಗಳನ್ನು ಮೆಲುಕು ಹಾಕಲಾಯಿತು.
ದೇಣಿಗೆ ಹಸ್ತಾಂತರ
ಸುವರ್ಣ ಮಹೋತ್ಸವ ವಿದ್ಯಾರ್ಥಿ ವೇತನ ನಿಧಿಗೆ ಪೂರ್ವ ವಿದ್ಯಾರ್ಥಿಗಳಾದ ಅನಿಲ್ ನವೀನ್ ಡಿಸೋಜಾ, ಅನಿಲ್ ಡೇವಿಡ್ ಡಿಸೋಜಾ, ರೋಹಿತ್ ರಾವ್ ಅವರು ಒಂದು ಲಕ್ಷ ರೂ. ದೇಣಿಗೆ ಹಸ್ತಾಂತರಿಸಿದರು.
ಕಾಲೇಜಿನ ವತಿಯಿಂದ ಪೂರ್ವ ವಿದ್ಯಾರ್ಥಿಗಳಿಗೆ ನೆನಪಿನ ಕಾಣಿಕೆ ನೀಡಲಾಯಿತು. ಪ್ರಾಂಶುಪಾಲರು ಸ್ವಾಗತಿಸಿ, ವಂದನಾರ್ಪಣೆಗೈದರು.
ಮೇ 18ರಂದು ಕೋಟ ವ್ಯವಸಾಯಿಕ ಸಂಘದ ಮಣೂರು ಶಾಖಾ ವಠಾರದಲ್ಲಿ ಆಯೋಜನೆ
ನೂತನ ಶಾಖಾ ಕಟ್ಟಡ, ಗೋದಾಮು, ವಸತಿ ಸಂಕೀರ್ಣ ಲೋಕಾರ್ಪಣೆ
ಕೋಟ: ಕೋಟ ಸಹಕಾರಿ ವ್ಯವಸಾಯಿಕ ಸಂಘದ ಮಣೂರು ಶಾಖೆಯ ನೂತನ ಶಾಖಾ ಕಟ್ಟಡ, ಗೋದಾಮು ಮತ್ತು ವಸತಿ ಸಂಕೀರ್ಣ ಲೋಕಾರ್ಪಣೆ ಸಮಾರಂಭ ಮೇ 18ರಂದು ಮಣೂರು ಶಾಖಾ ವಠಾರದಲ್ಲಿ ನಡೆಯಲಿದೆ. ಸಮಾರಂಭದ ಅಧ್ಯಕ್ಷತೆಯನ್ನು ಸಂಘದ ಅಧ್ಯಕ್ಷ ಡಾ. ಕೃಷ್ಣ ಕಾಂಚನ್ ವಹಿಸಲಿದ್ದು, ನೂತನ ಕಟ್ಟಡವನ್ನು ದ.ಕ. ಜಿಲ್ಲಾ ಕೇಂದ್ರ ಸಹಕಾರಿ ಬ್ಯಾಂಕ್ ಅಧ್ಯಕ್ಷರು ಉದ್ಘಾಟಿಸಲಿದ್ದಾರೆ.
ಗೋದಾಮನ್ನು ಹಾಗೂ ವಸತಿ ಸಂಕೀರ್ಣವನ್ನು ಗಣ್ಯರು ಉದ್ಘಾಟಿಸಲಿದ್ದಾರೆ. ಶಾಸಕರು, ಸಂಘದ ನಿರ್ದೇಶಕರು ಹಾಗೂ ಸಹಕಾರಿ ಕ್ಷೇತ್ರದ ಪ್ರಮುಖರು ಭಾಗವಹಿಸಲಿದ್ದಾರೆ. ಶ್ರೀ ಶ್ರೀನಿವಾಸ ಪೂಜಾರಿ ಅವರು ಭದ್ರತಾ ಕೊಠಡಿ ಉದ್ಘಾಟಿಸಲಿದ್ದಾರೆ.
ಡಾ.ಎಂ.ಎನ್. ರಾಜೇಂದ್ರ ಕುಮಾರ್ ಅವರಿಂದ ನೂತನ ಕಟ್ಟಡ ಉದ್ಘಾಟನೆ
ಡಾ. ಕೃಷ್ಣ ಕಾಂಚನ್ ಅಧ್ಯಕ್ಷತೆ
ಕೋಟ ಶ್ರೀನಿವಾಸ ಪೂಜಾರಿ ಅವರಿಂದ ಭದ್ರತಾ ಕೊಠಡಿ ಉದ್ಘಾಟನೆ
ವಿವಿಧ ಗಣ್ಯರು ಉಪಸ್ಥಿತಿ
ಸಹಕಾರಿ ಕ್ಷೇತ್ರದ ಹಿರಿಯ ಮುತ್ಸದ್ದಿ ಡಾ.ಎಂ.ಎನ್. ರಾಜೇಂದ್ರ ಕುಮಾರ್ ಅವರು ಕಟ್ಟಡ ಉದ್ಘಾಟಿಸಲಿದ್ದು, ಮಂಗಳೂರಿನ ಸಹಕಾರಿ ಬ್ಯಾಂಕ್ ನಿರ್ದೇಶಕರು ಉಪಸ್ಥಿತರಿರಲಿದ್ದಾರೆ. ಸಂಘದ ಪ್ರಧಾನ ವ್ಯವಸ್ಥಾಪಕರು ಹಾಗೂ ಸಿಬ್ಬಂದಿ ವರ್ಗದವರು ಕಾರ್ಯಕ್ರಮದ ಯಶಸ್ಸಿಗೆ ಸಹಕರಿಸಲಿದ್ದಾರೆ.
ಸಹಕಾರಿ ಕ್ಷೇತ್ರದ ಹಿರಿಯ ಮುತ್ಸದ್ದಿ ಡಾ.ಎಂ.ಎನ್. ರಾಜೇಂದ್ರ ಕುಮಾರ್ ಅವರು ಕಟ್ಟಡ ಉದ್ಘಾಟಿಸಲಿದ್ದು, ಮಂಗಳೂರಿನ ಸಹಕಾರಿ ಬ್ಯಾಂಕ್ ನಿರ್ದೇಶಕರು ಉಪಸ್ಥಿತರಿರಲಿದ್ದಾರೆ. ಸಂಘದ ಪ್ರಧಾನ ವ್ಯವಸ್ಥಾಪಕರು ಹಾಗೂ ಸಿಬ್ಬಂದಿ ವರ್ಗದವರು ಕಾರ್ಯಕ್ರಮದ ಯಶಸ್ಸಿಗೆ ಸಹಕರಿಸಲಿದ್ದಾರೆ.
ಗೋದಾಮನ್ನು ಹಾಗೂ ವಸತಿ ಸಂಕೀರ್ಣವನ್ನು ಗಣ್ಯರು ಉದ್ಘಾಟಿಸಲಿದ್ದಾರೆ. ಶಾಸಕರು, ಸಂಘದ ನಿರ್ದೇಶಕರು ಹಾಗೂ ಸಹಕಾರಿ ಕ್ಷೇತ್ರದ ಪ್ರಮುಖರು ಭಾಗವಹಿಸಲಿದ್ದಾರೆ. ಶ್ರೀ ಶ್ರೀನಿವಾಸ ಪೂಜಾರಿ ಅವರು ಭದ್ರತಾ ಕೊಠಡಿ ಉದ್ಘಾಟಿಸಲಿದ್ದಾರೆ.
ಯಕ್ಷಗಾನ ಪ್ರದರ್ಶನ
ಕಾರ್ಯಕ್ರಮದ ನಂತರ ಮಧ್ಯಾಹ್ನ ಘಂಟೆ 2.30ರಿಂದ ಬಡಗುತಿಟ್ಟಿನ ಖ್ಯಾತ ಕಲಾವಿದರಿಂದ 'ಚಕ್ರ ಚಂಡಿಕೆ' ಯಕ್ಷಗಾನ ಪ್ರದರ್ಶನಗೊಳ್ಳಲಿದೆ ಎಂದು ಸಂಘದ ಅಧ್ಯಕ್ಷ ಡಾ. ಕೃಷ್ಣ ಕಾಂಚನ್ ಪ್ರಕಟಣೆಯಲ್ಲಿ ತಿಳಿಸಿದ್ದಾರೆ.
